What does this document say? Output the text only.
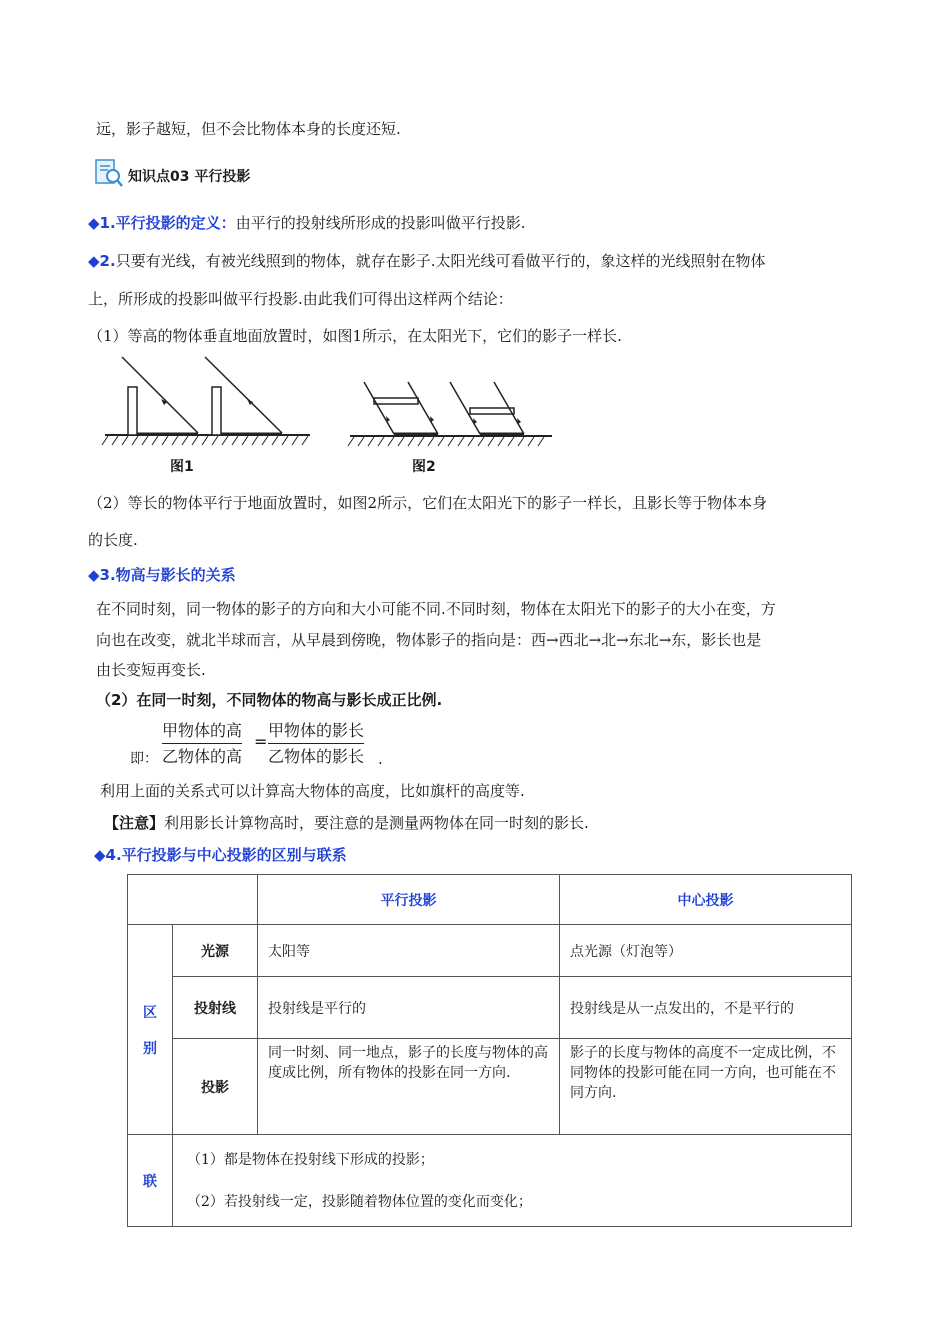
远，影子越短，但不会比物体本身的长度还短.
知识点03 平行投影
◆1.平行投影的定义：由平行的投射线所形成的投影叫做平行投影.
◆2.只要有光线，有被光线照到的物体，就存在影子.太阳光线可看做平行的，象这样的光线照射在物体
上，所形成的投影叫做平行投影.由此我们可得出这样两个结论：
（1）等高的物体垂直地面放置时，如图1所示，在太阳光下，它们的影子一样长.
图1	图2
（2）等长的物体平行于地面放置时，如图2所示，它们在太阳光下的影子一样长，且影长等于物体本身
的长度.
◆3.物高与影长的关系
在不同时刻，同一物体的影子的方向和大小可能不同.不同时刻，物体在太阳光下的影子的大小在变，方
向也在改变，就北半球而言，从早晨到傍晚，物体影子的指向是：西→西北→北→东北→东，影长也是
由长变短再变长.
（2）在同一时刻，不同物体的物高与影长成正比例.
即：
甲物体的高
乙物体的高
=
甲物体的影长
乙物体的影长 .
利用上面的关系式可以计算高大物体的高度，比如旗杆的高度等.
【注意】利用影长计算物高时，要注意的是测量两物体在同一时刻的影长.
◆4.平行投影与中心投影的区别与联系
		平行投影	中心投影

区
别	光源	太阳等	点光源（灯泡等）
	投射线	投射线是平行的	投射线是从一点发出的，不是平行的
	投影	同一时刻、同一地点，影子的长度与物体的高度成比例，所有物体的投影在同一方向.	影子的长度与物体的高度不一定成比例，不同物体的投影可能在同一方向，也可能在不同方向.
联	（1）都是物体在投射线下形成的投影；
（2）若投射线一定，投影随着物体位置的变化而变化；		
